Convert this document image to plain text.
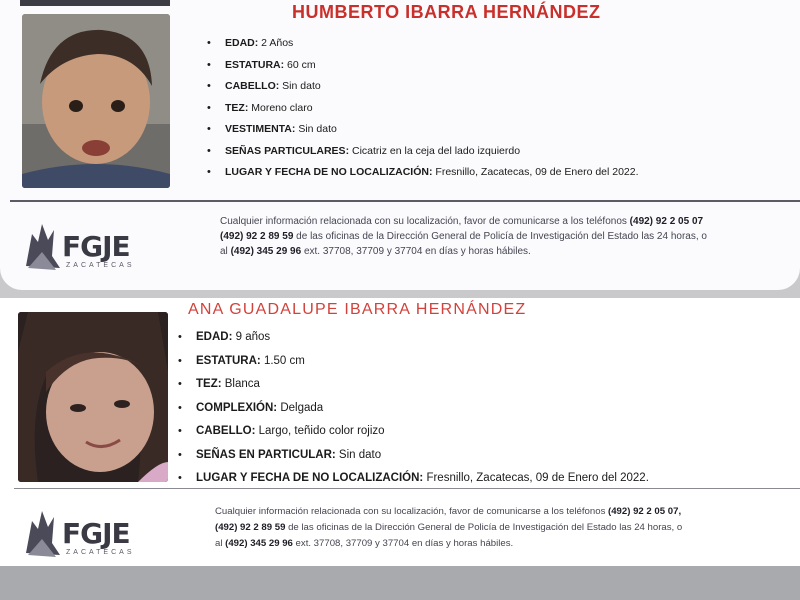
HUMBERTO IBARRA HERNÁNDEZ
• EDAD: 2 Años
• ESTATURA: 60 cm
• CABELLO: Sin dato
• TEZ: Moreno claro
• VESTIMENTA: Sin dato
• SEÑAS PARTICULARES: Cicatriz en la ceja del lado izquierdo
• LUGAR Y FECHA DE NO LOCALIZACIÓN: Fresnillo, Zacatecas, 09 de Enero del 2022.
FGJE
ZACATECAS
Cualquier información relacionada con su localización, favor de comunicarse a los teléfonos (492) 92 2 05 07
(492) 92 2 89 59 de las oficinas de la Dirección General de Policía de Investigación del Estado las 24 horas, o
al (492) 345 29 96 ext. 37708, 37709 y 37704 en días y horas hábiles.
ANA GUADALUPE IBARRA HERNÁNDEZ
• EDAD: 9 años
• ESTATURA: 1.50 cm
• TEZ: Blanca
• COMPLEXIÓN: Delgada
• CABELLO: Largo, teñido color rojizo
• SEÑAS EN PARTICULAR: Sin dato
• LUGAR Y FECHA DE NO LOCALIZACIÓN: Fresnillo, Zacatecas, 09 de Enero del 2022.
FGJE
ZACATECAS
Cualquier información relacionada con su localización, favor de comunicarse a los teléfonos (492) 92 2 05 07,
(492) 92 2 89 59 de las oficinas de la Dirección General de Policía de Investigación del Estado las 24 horas, o
al (492) 345 29 96 ext. 37708, 37709 y 37704 en días y horas hábiles.
